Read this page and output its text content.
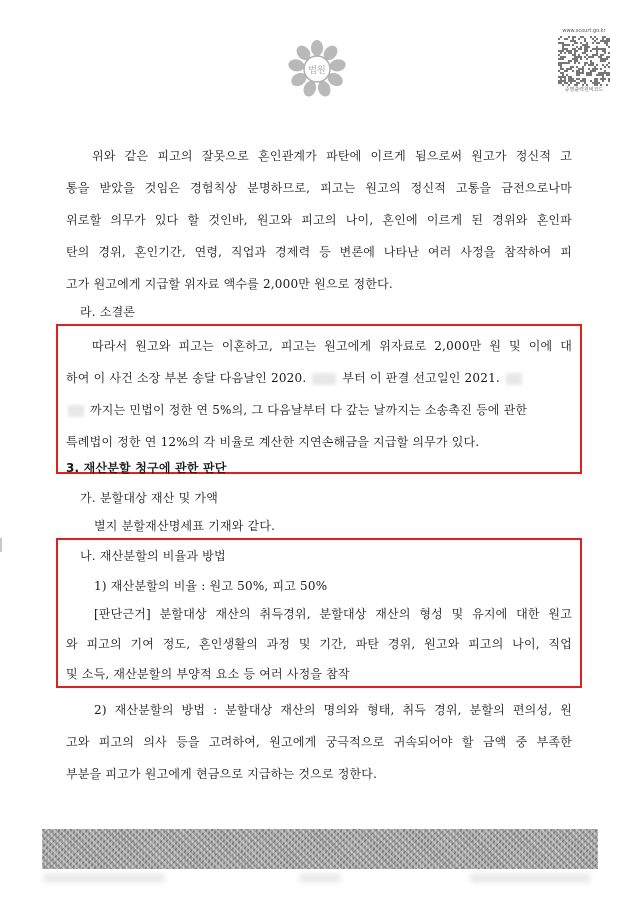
법원
www.scourt.go.kr
증명출력원비코드
위와 같은 피고의 잘못으로 혼인관계가 파탄에 이르게 됨으로써 원고가 정신적 고
통을 받았을 것임은 경험칙상 분명하므로, 피고는 원고의 정신적 고통을 금전으로나마
위로할 의무가 있다 할 것인바, 원고와 피고의 나이, 혼인에 이르게 된 경위와 혼인파
탄의 경위, 혼인기간, 연령, 직업과 경제력 등 변론에 나타난 여러 사정을 참작하여 피
고가 원고에게 지급할 위자료 액수를 2,000만 원으로 정한다.
라. 소결론
따라서 원고와 피고는 이혼하고, 피고는 원고에게 위자료로 2,000만 원 및 이에 대
하여 이 사건 소장 부본 송달 다음날인 2020.	부터 이 판결 선고일인 2021.
까지는 민법이 정한 연 5%의, 그 다음날부터 다 갚는 날까지는 소송촉진 등에 관한
특례법이 정한 연 12%의 각 비율로 계산한 지연손해금을 지급할 의무가 있다.
3. 재산분할 청구에 관한 판단
가. 분할대상 재산 및 가액
별지 분할재산명세표 기재와 같다.
나. 재산분할의 비율과 방법
1) 재산분할의 비율 : 원고 50%, 피고 50%
[판단근거] 분할대상 재산의 취득경위, 분할대상 재산의 형성 및 유지에 대한 원고
와 피고의 기여 정도, 혼인생활의 과정 및 기간, 파탄 경위, 원고와 피고의 나이, 직업
및 소득, 재산분할의 부양적 요소 등 여러 사정을 참작
2) 재산분할의 방법 : 분할대상 재산의 명의와 형태, 취득 경위, 분할의 편의성, 원
고와 피고의 의사 등을 고려하여, 원고에게 궁극적으로 귀속되어야 할 금액 중 부족한
부분을 피고가 원고에게 현금으로 지급하는 것으로 정한다.
